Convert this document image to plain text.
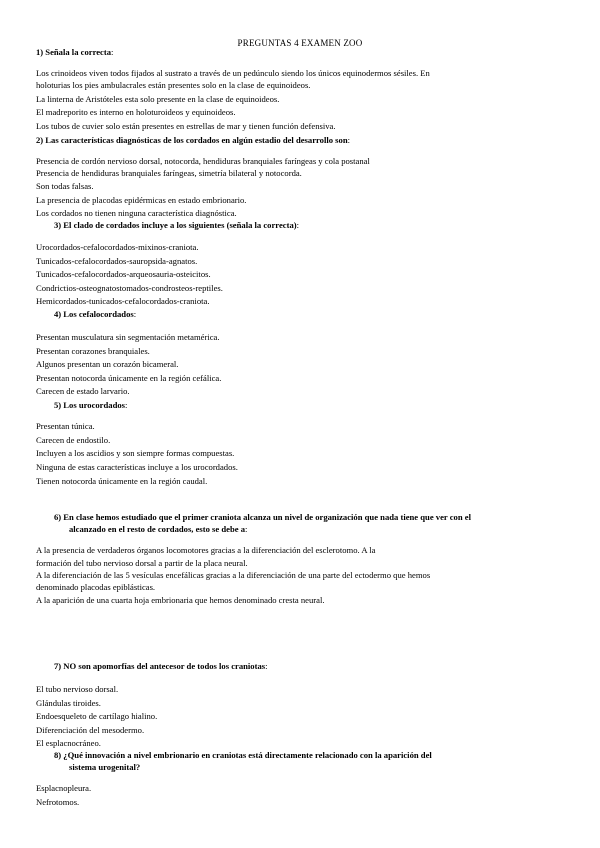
PREGUNTAS 4 EXAMEN ZOO
1) Señala la correcta:
Los crinoideos viven todos fijados al sustrato a través de un pedúnculo siendo los únicos equinodermos sésiles. En
holoturias los pies ambulacrales están presentes solo en la clase de equinoideos.
La linterna de Aristóteles esta solo presente en la clase de equinoideos.
El madreporito es interno en holoturoideos y equinoideos.
Los tubos de cuvier solo están presentes en estrellas de mar y tienen función defensiva.
2) Las características diagnósticas de los cordados en algún estadio del desarrollo son:
Presencia de cordón nervioso dorsal, notocorda, hendiduras branquiales faríngeas y cola postanal
Presencia de hendiduras branquiales faríngeas, simetría bilateral y notocorda.
Son todas falsas.
La presencia de placodas epidérmicas en estado embrionario.
Los cordados no tienen ninguna característica diagnóstica.
3) El clado de cordados incluye a los siguientes (señala la correcta):
Urocordados-cefalocordados-mixinos-craniota.
Tunicados-cefalocordados-sauropsida-agnatos.
Tunicados-cefalocordados-arqueosauria-osteicitos.
Condrictios-osteognatostomados-condrosteos-reptiles.
Hemicordados-tunicados-cefalocordados-craniota.
4) Los cefalocordados:
Presentan musculatura sin segmentación metamérica.
Presentan corazones branquiales.
Algunos presentan un corazón bicameral.
Presentan notocorda únicamente en la región cefálica.
Carecen de estado larvario.
5) Los urocordados:
Presentan túnica.
Carecen de endostilo.
Incluyen a los ascidios y son siempre formas compuestas.
Ninguna de estas características incluye a los urocordados.
Tienen notocorda únicamente en la región caudal.
6) En clase hemos estudiado que el primer craniota alcanza un nivel de organización que nada tiene que ver con el
alcanzado en el resto de cordados, esto se debe a:
A la presencia de verdaderos órganos locomotores gracias a la diferenciación del esclerotomo. A la
formación del tubo nervioso dorsal a partir de la placa neural.
A la diferenciación de las 5 vesículas encefálicas gracias a la diferenciación de una parte del ectodermo que hemos
denominado placodas epiblásticas.
A la aparición de una cuarta hoja embrionaria que hemos denominado cresta neural.
7) NO son apomorfías del antecesor de todos los craniotas:
El tubo nervioso dorsal.
Glándulas tiroides.
Endoesqueleto de cartílago hialino.
Diferenciación del mesodermo.
El esplacnocráneo.
8) ¿Qué innovación a nivel embrionario en craniotas está directamente relacionado con la aparición del
sistema urogenital?
Esplacnopleura.
Nefrotomos.
